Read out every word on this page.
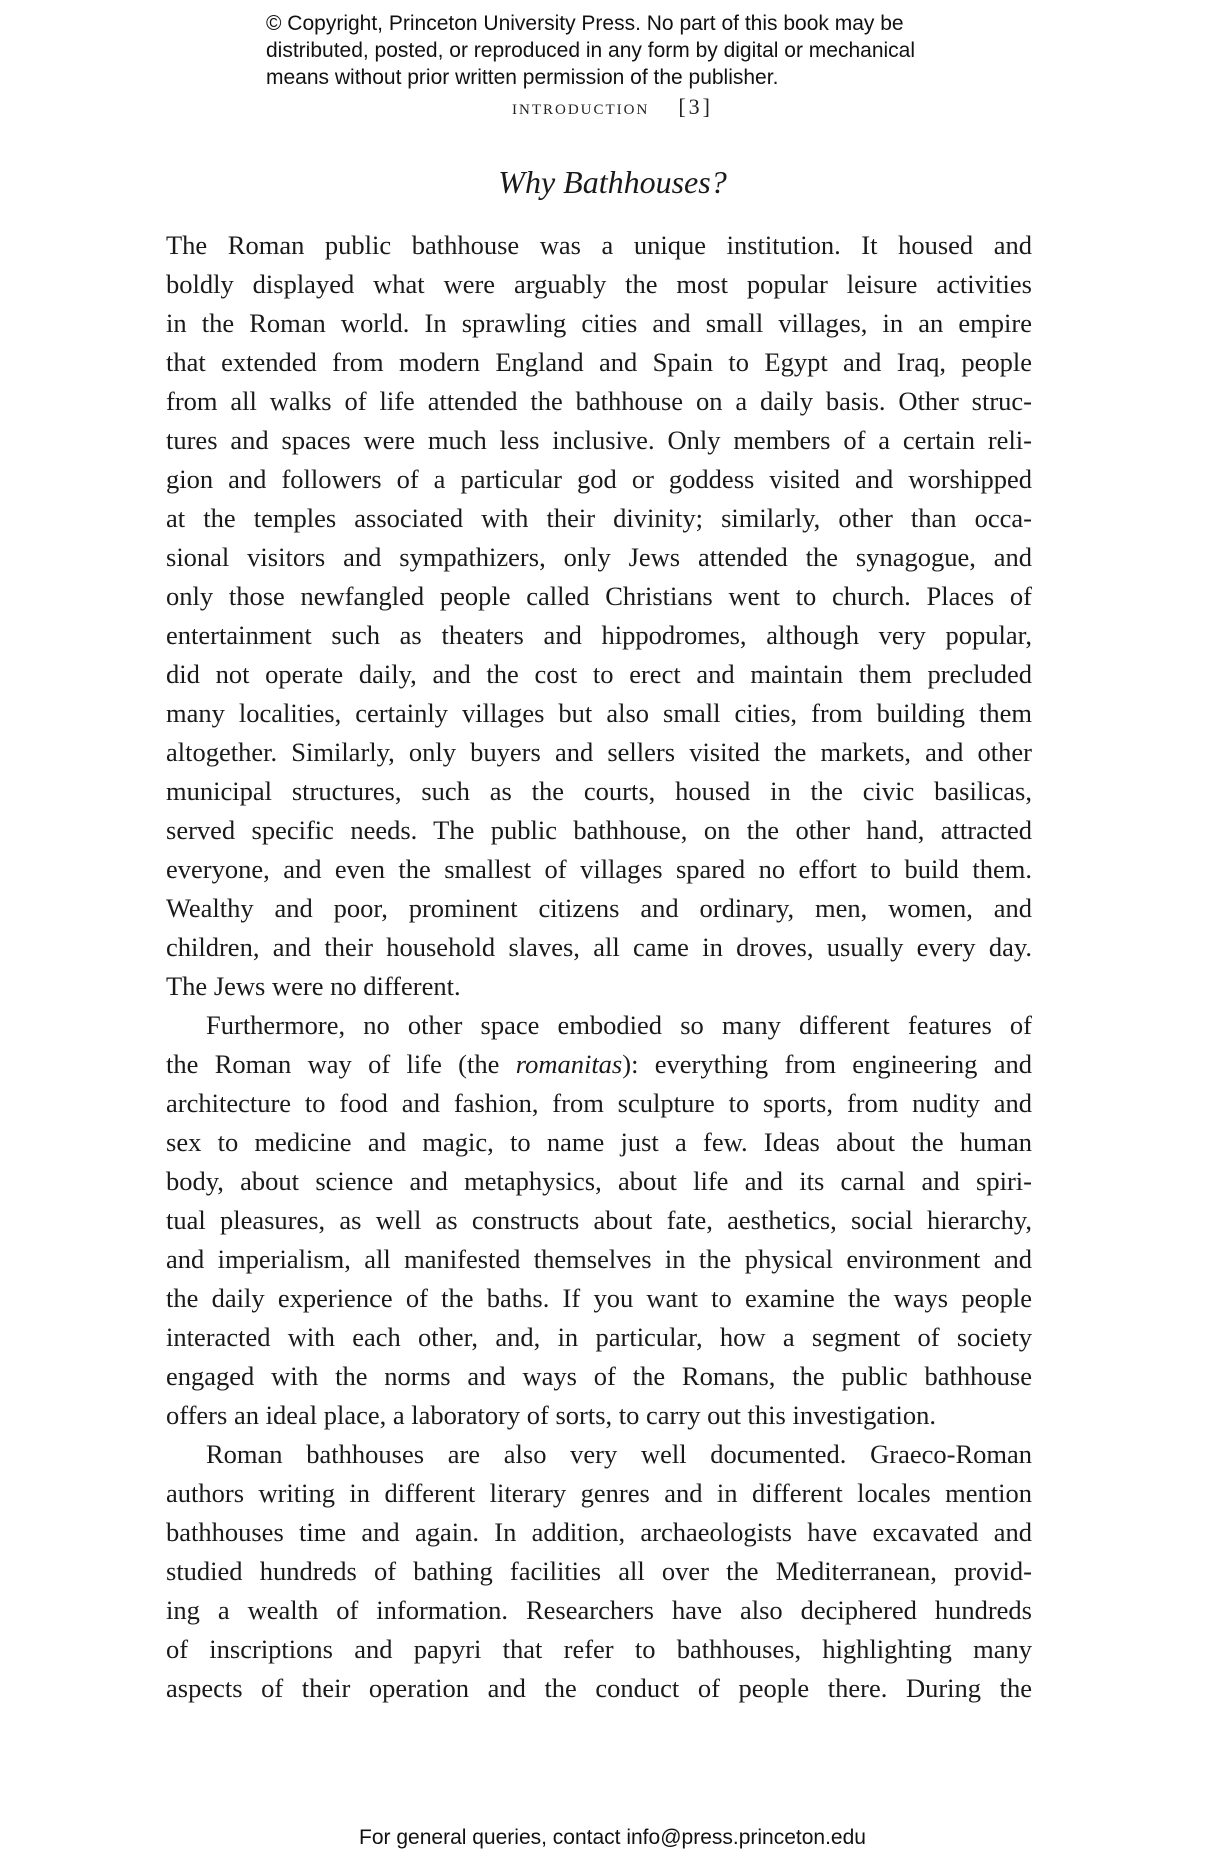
© Copyright, Princeton University Press. No part of this book may be
distributed, posted, or reproduced in any form by digital or mechanical
means without prior written permission of the publisher.
introduction [3]
Why Bathhouses?
The Roman public bathhouse was a unique institution. It housed and
boldly displayed what were arguably the most popular leisure activities
in the Roman world. In sprawling cities and small villages, in an empire
that extended from modern England and Spain to Egypt and Iraq, people
from all walks of life attended the bathhouse on a daily basis. Other struc-
tures and spaces were much less inclusive. Only members of a certain reli-
gion and followers of a particular god or goddess visited and worshipped
at the temples associated with their divinity; similarly, other than occa-
sional visitors and sympathizers, only Jews attended the synagogue, and
only those newfangled people called Christians went to church. Places of
entertainment such as theaters and hippodromes, although very popular,
did not operate daily, and the cost to erect and maintain them precluded
many localities, certainly villages but also small cities, from building them
altogether. Similarly, only buyers and sellers visited the markets, and other
municipal structures, such as the courts, housed in the civic basilicas,
served specific needs. The public bathhouse, on the other hand, attracted
everyone, and even the smallest of villages spared no effort to build them.
Wealthy and poor, prominent citizens and ordinary, men, women, and
children, and their household slaves, all came in droves, usually every day.
The Jews were no different.
Furthermore, no other space embodied so many different features of
the Roman way of life (the romanitas): everything from engineering and
architecture to food and fashion, from sculpture to sports, from nudity and
sex to medicine and magic, to name just a few. Ideas about the human
body, about science and metaphysics, about life and its carnal and spiri-
tual pleasures, as well as constructs about fate, aesthetics, social hierarchy,
and imperialism, all manifested themselves in the physical environment and
the daily experience of the baths. If you want to examine the ways people
interacted with each other, and, in particular, how a segment of society
engaged with the norms and ways of the Romans, the public bathhouse
offers an ideal place, a laboratory of sorts, to carry out this investigation.
Roman bathhouses are also very well documented. Graeco-Roman
authors writing in different literary genres and in different locales mention
bathhouses time and again. In addition, archaeologists have excavated and
studied hundreds of bathing facilities all over the Mediterranean, provid-
ing a wealth of information. Researchers have also deciphered hundreds
of inscriptions and papyri that refer to bathhouses, highlighting many
aspects of their operation and the conduct of people there. During the
For general queries, contact info@press.princeton.edu
